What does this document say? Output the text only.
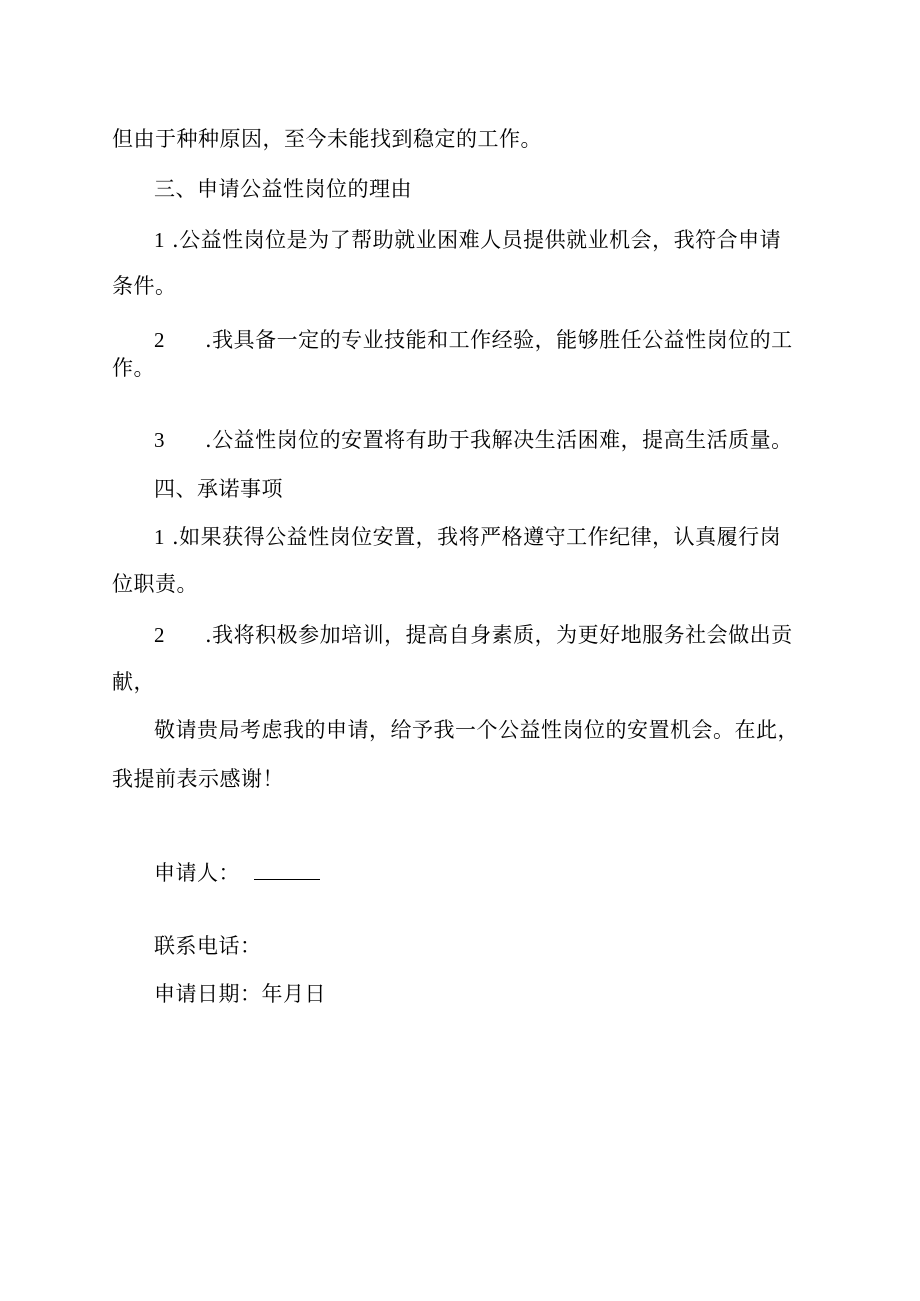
但由于种种原因，至今未能找到稳定的工作。
三、申请公益性岗位的理由
1 .公益性岗位是为了帮助就业困难人员提供就业机会，我符合申请
条件。
2 .我具备一定的专业技能和工作经验，能够胜任公益性岗位的工
作。
3 .公益性岗位的安置将有助于我解决生活困难，提高生活质量。
四、承诺事项
1 .如果获得公益性岗位安置，我将严格遵守工作纪律，认真履行岗
位职责。
2 .我将积极参加培训，提高自身素质，为更好地服务社会做出贡
献，
敬请贵局考虑我的申请，给予我一个公益性岗位的安置机会。在此，
我提前表示感谢！
申请人：
联系电话：
申请日期：年月日
